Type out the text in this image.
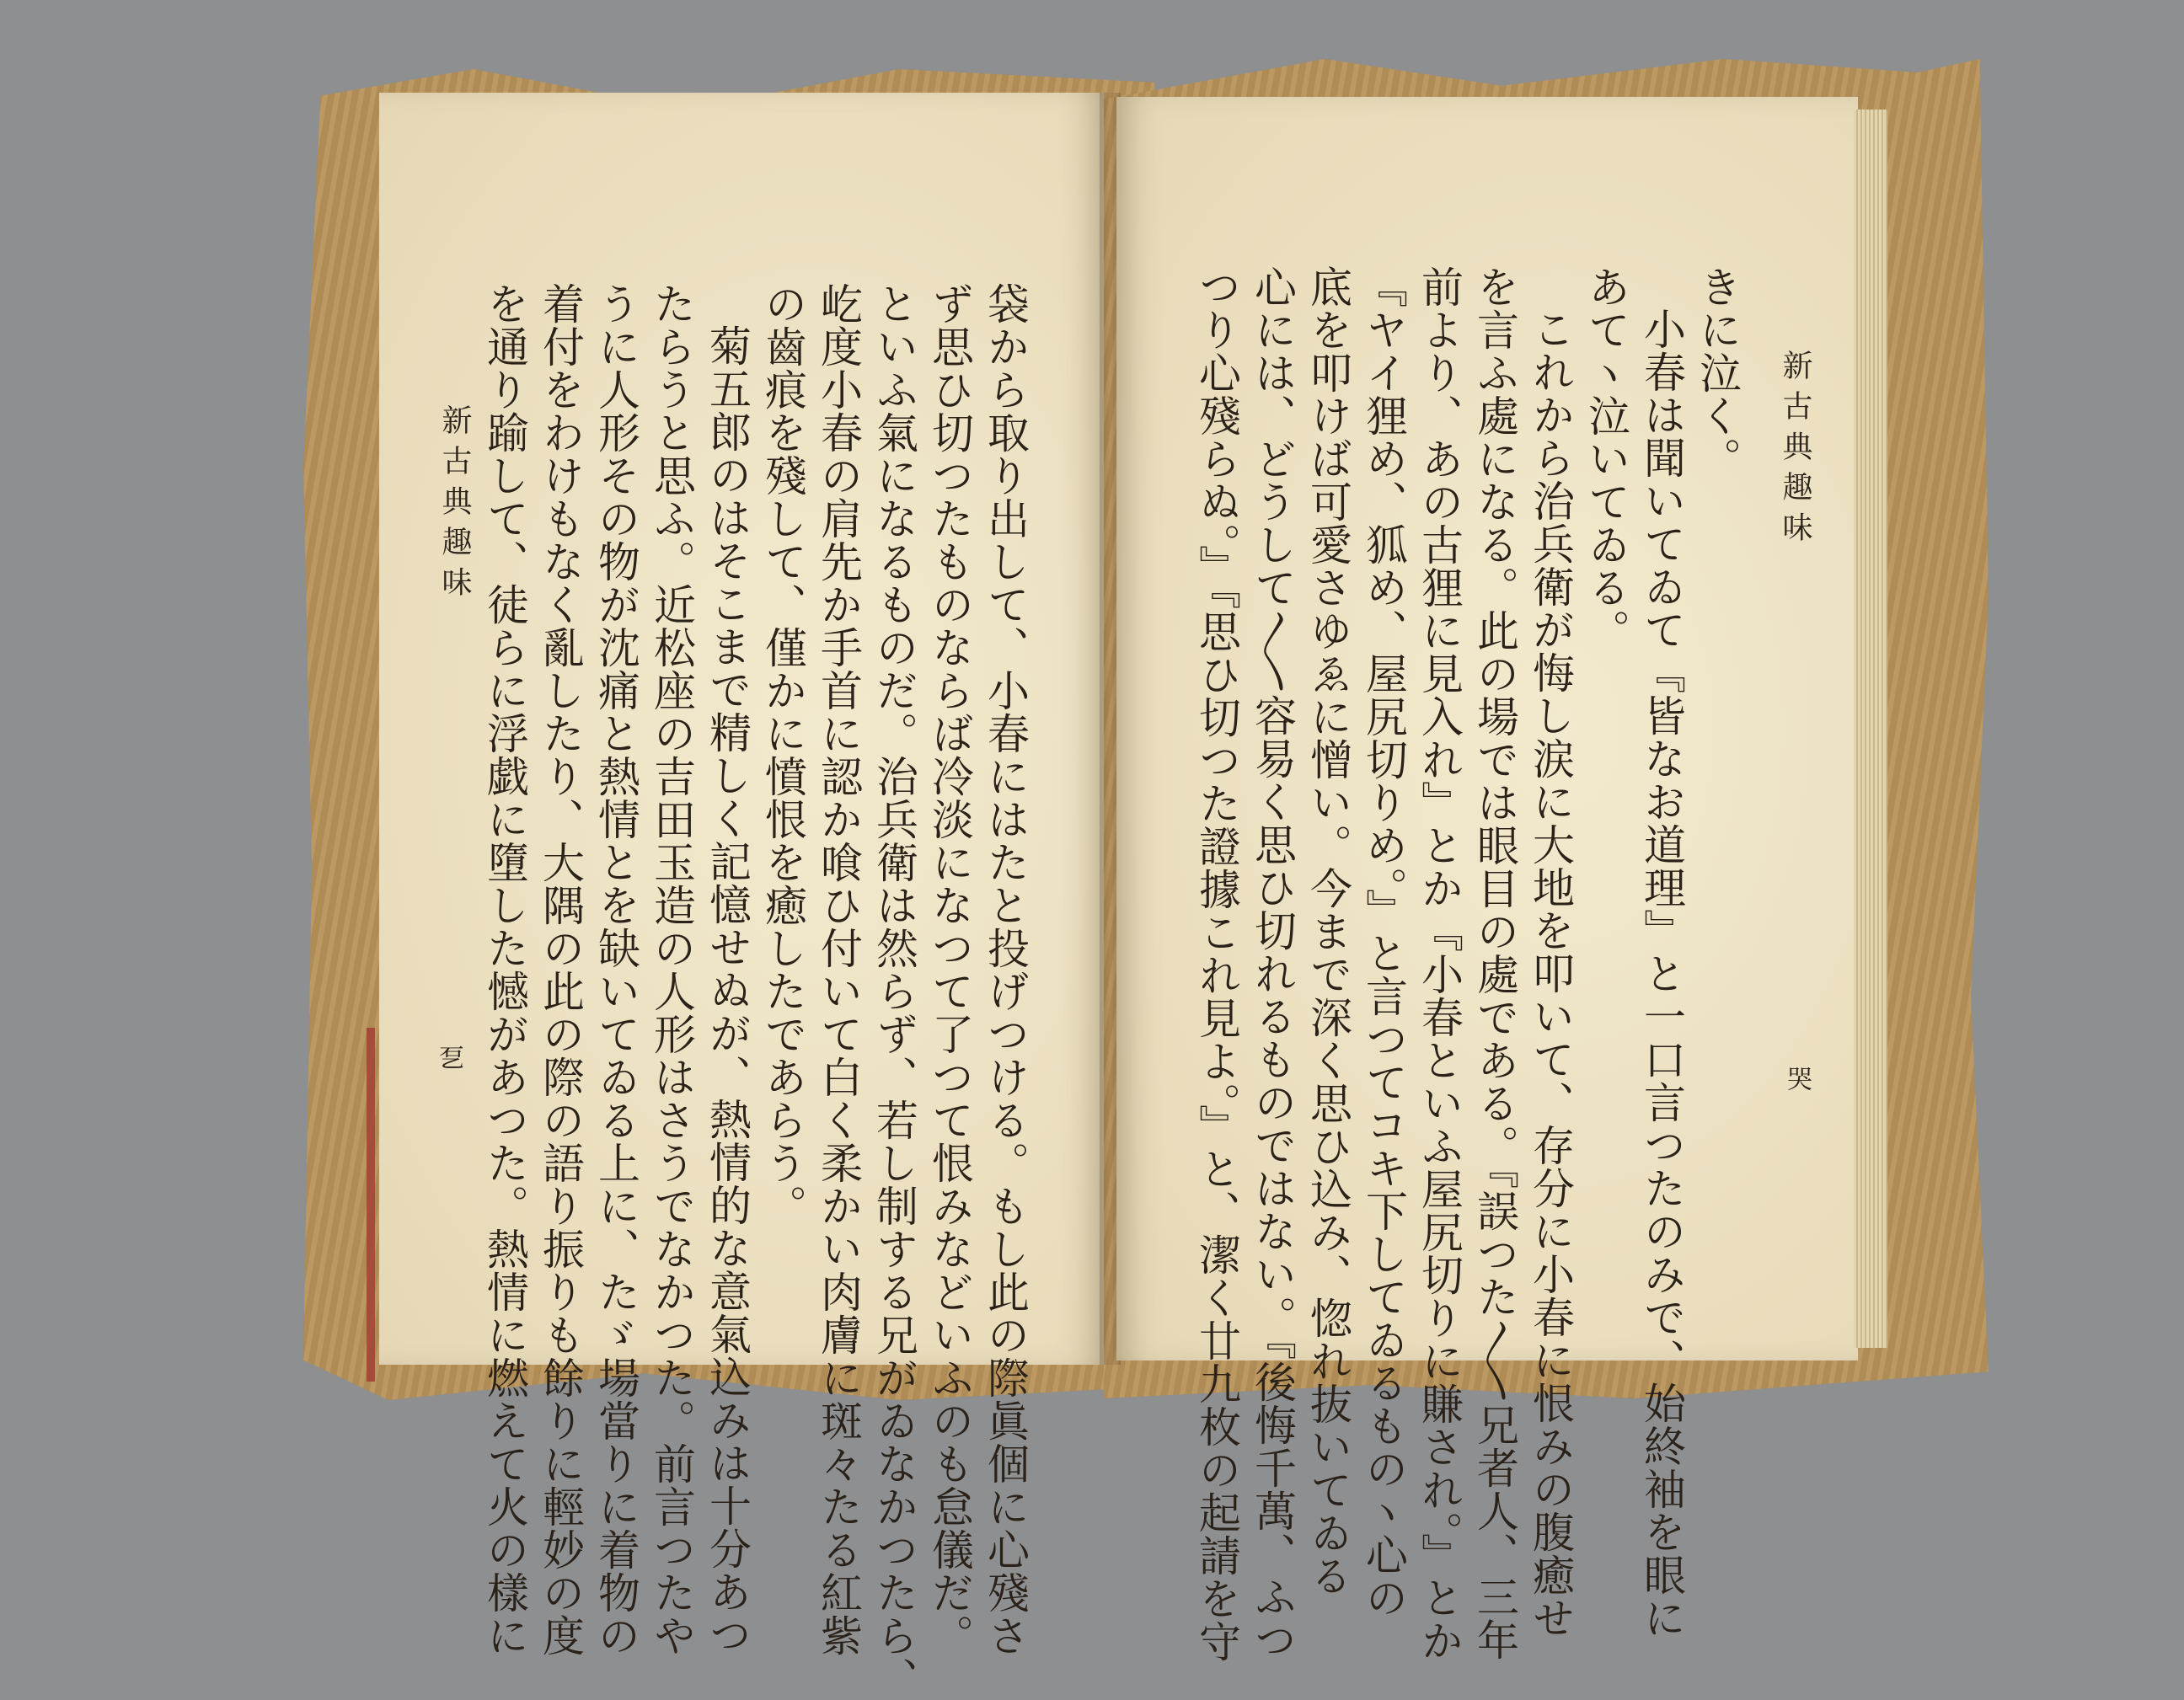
新古典趣味
乭	袋から取り出して、小春にはたと投げつける。もし此の際眞個に心殘さ
ず思ひ切つたものならば冷淡になつて了つて恨みなどいふのも怠儀だ。
といふ氣になるものだ。治兵衛は然らず、若し制する兄がゐなかつたら、
屹度小春の肩先か手首に認か喰ひ付いて白く柔かい肉膚に斑々たる紅紫
の齒痕を殘して、僅かに憤恨を癒したであらう。
菊五郎のはそこまで精しく記憶せぬが、熱情的な意氣込みは十分あつ
たらうと思ふ。近松座の吉田玉造の人形はさうでなかつた。前言つたや
うに人形その物が沈痛と熱情とを缺いてゐる上に、たゞ場當りに着物の
着付をわけもなく亂したり、大隅の此の際の語り振りも餘りに輕妙の度
を通り踰して、徒らに浮戯に墮した憾があつた。熱情に燃えて火の樣に	新古典趣味
哭
きに泣く。
小春は聞いてゐて『皆なお道理』と一口言つたのみで、始終袖を眼に
あてヽ泣いてゐる。
これから治兵衛が悔し涙に大地を叩いて、存分に小春に恨みの腹癒せ
を言ふ處になる。此の場では眼目の處である。『誤つた〱兄者人、三年
前より、あの古狸に見入れ』とか『小春といふ屋尻切りに賺され。』とか
『ヤイ狸め、狐め、屋尻切りめ。』と言つてコキ下してゐるものヽ心の
底を叩けば可愛さゆゑに憎い。今まで深く思ひ込み、惚れ抜いてゐる
心には、どうして〱容易く思ひ切れるものではない。『後悔千萬、ふつ
つり心殘らぬ。』『思ひ切つた證據これ見よ。』と、潔く廿九枚の起請を守
